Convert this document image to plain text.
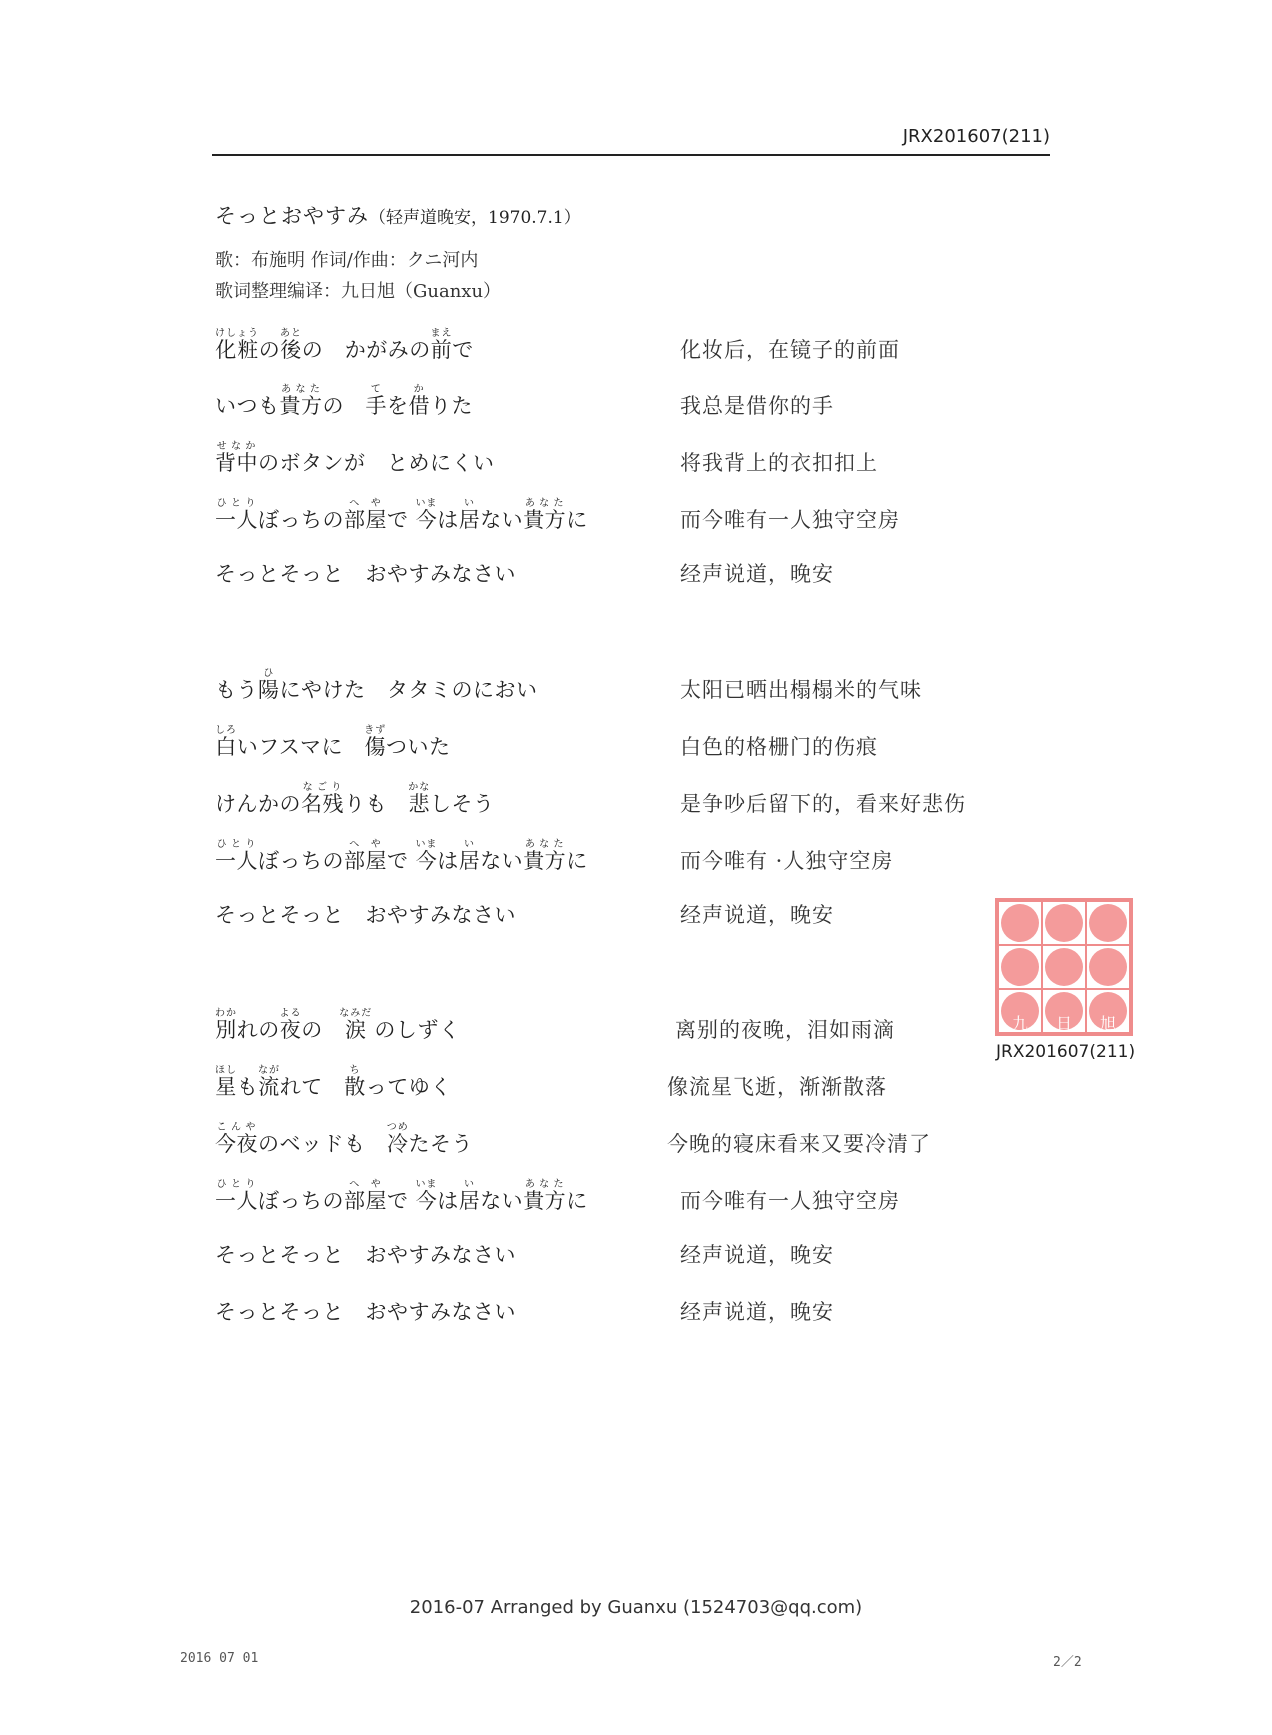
JRX201607(211)
そっとおやすみ（轻声道晚安，1970.7.1）
歌：布施明 作词/作曲：クニ河内
歌词整理编译：九日旭（Guanxu）
化粧けしょうの後あとの　かがみの前まえで	化妆后，在镜子的前面
いつも貴方あなたの　手てを借かりた	我总是借你的手
背中せなかのボタンが　とめにくい	将我背上的衣扣扣上
一人ひとりぼっちの部屋へやで 今いまは居いない貴方あなたに	而今唯有一人独守空房
そっとそっと　おやすみなさい	经声说道，晚安
もう陽ひにやけた　タタミのにおい	太阳已晒出榻榻米的气味
白しろいフスマに　傷きずついた	白色的格栅门的伤痕
けんかの名残なごりりも　悲かなしそう	是争吵后留下的，看来好悲伤
一人ひとりぼっちの部屋へやで 今いまは居いない貴方あなたに	而今唯有 ·人独守空房
そっとそっと　おやすみなさい	经声说道，晚安
別わかれの夜よるの　涙なみだ のしずく	离别的夜晚，泪如雨滴
星ほしも流ながれて　散ちってゆく	像流星飞逝，渐渐散落
今夜こんやのベッドも　冷つめたそう	今晚的寝床看来又要冷清了
一人ひとりぼっちの部屋へやで 今いまは居いない貴方あなたに	而今唯有一人独守空房
そっとそっと　おやすみなさい	经声说道，晚安
そっとそっと　おやすみなさい	经声说道，晚安
九	日	旭
JRX201607(211)
2016-07 Arranged by Guanxu (1524703@qq.com)
2016 07 01	2／2
